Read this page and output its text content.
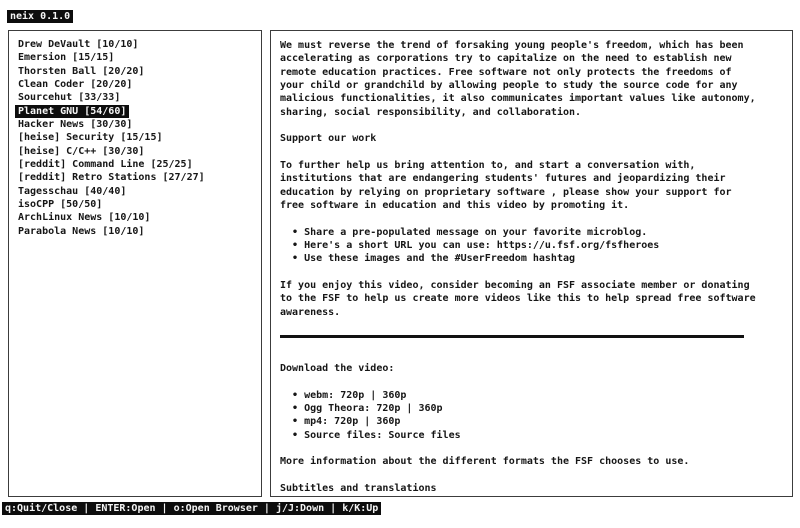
neix 0.1.0
Drew DeVault [10/10]
Emersion [15/15]
Thorsten Ball [20/20]
Clean Coder [20/20]
Sourcehut [33/33]
Planet GNU [54/60]
Hacker News [30/30]
[heise] Security [15/15]
[heise] C/C++ [30/30]
[reddit] Command Line [25/25]
[reddit] Retro Stations [27/27]
Tagesschau [40/40]
isoCPP [50/50]
ArchLinux News [10/10]
Parabola News [10/10]
We must reverse the trend of forsaking young people's freedom, which has been
accelerating as corporations try to capitalize on the need to establish new
remote education practices. Free software not only protects the freedoms of
your child or grandchild by allowing people to study the source code for any
malicious functionalities, it also communicates important values like autonomy,
sharing, social responsibility, and collaboration.
Support our work
To further help us bring attention to, and start a conversation with,
institutions that are endangering students' futures and jeopardizing their
education by relying on proprietary software , please show your support for
free software in education and this video by promoting it.
• Share a pre-populated message on your favorite microblog.
• Here's a short URL you can use: https://u.fsf.org/fsfheroes
• Use these images and the #UserFreedom hashtag
If you enjoy this video, consider becoming an FSF associate member or donating
to the FSF to help us create more videos like this to help spread free software
awareness.
Download the video:
• webm: 720p | 360p
• Ogg Theora: 720p | 360p
• mp4: 720p | 360p
• Source files: Source files
More information about the different formats the FSF chooses to use.
Subtitles and translations
q:Quit/Close | ENTER:Open | o:Open Browser | j/J:Down | k/K:Up
